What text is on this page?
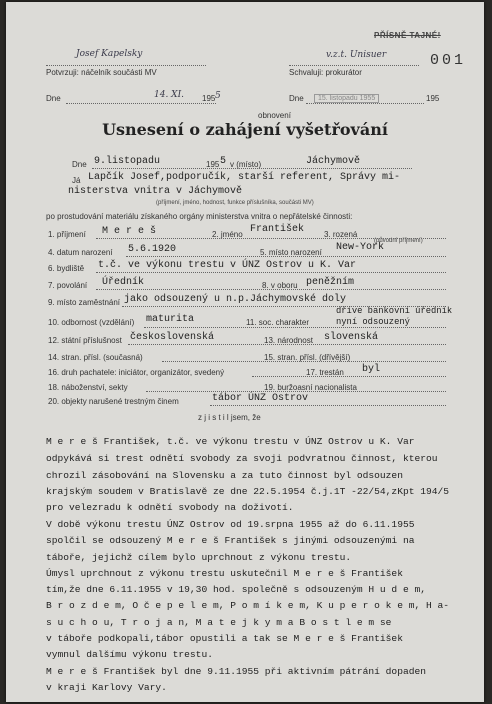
PŘÍSNĚ TAJNÉ!
001
Josef Kapelsky
Potvrzuji: náčelník součásti MV
v.z.t. Unisuer
Schvaluji: prokurátor
Dne	14. XI. 195 5	Dne	15. listopadu 1955	195
obnovení
Usnesení o zahájení vyšetřování
Dne 9.listopadu	195 5 v (místo)	Jáchymově
Já Lapčík Josef,podporučík, starší referent, Správy mi-
nisterstva vnitra v Jáchymově
(příjmení, jméno, hodnost, funkce příslušníka, součásti MV)
po prostudování materiálu získaného orgány ministerstva vnitra o nepřátelské činnosti:
1. příjmení M e r e š	2. jméno František 3. rozená
(původní příjmení)
4. datum narození 5.6.1920	5. místo narození New-York
6. bydliště t.č. ve výkonu trestu v ÚNZ Ostrov u K. Var
7. povolání Úředník	8. v oboru peněžním
9. místo zaměstnání jako odsouzený u n.p.Jáchymovské doly
10. odbornost (vzdělání) maturita	11. soc. charakter
dříve bankovní úředník
nyní odsouzený
12. státní příslušnost československá	13. národnost slovenská
14. stran. přísl. (současná)	15. stran. přísl. (dřívější)
16. druh pachatele: iniciátor, organizátor, svedený	17. trestán byl
18. náboženství, sekty	19. buržoasní nacionalista
20. objekty narušené trestným činem	tábor ÚNZ Ostrov
z j i s t i l jsem, že
M e r e š František, t.č. ve výkonu trestu v ÚNZ Ostrov u K. Var
odpykává si trest odnětí svobody za svoji podvratnou činnost, kterou
chrozil zásobování na Slovensku a za tuto činnost byl odsouzen
krajským soudem v Bratislavě ze dne 22.5.1954 č.j.1T -22/54,zKpt 194/5
pro velezradu k odnětí svobody na doživotí.
V době výkonu trestu ÚNZ Ostrov od 19.srpna 1955 až do 6.11.1955
spolčil se odsouzený M e r e š František s jinými odsouzenými na
táboře, jejichž cílem bylo uprchnout z výkonu trestu.
Úmysl uprchnout z výkonu trestu uskutečnil M e r e š František
tím,že dne 6.11.1955 v 19,30 hod. společně s odsouzeným H u d e m,
B r o z d e m, O č e p e l e m, P o m í k e m, K u p e r o k e m, H a-
s u c h o u, T r o j a n, M a t e j k y m a B o s t l e m se
v táboře podkopali,tábor opustili a tak se M e r e š František
vymnul dalšímu výkonu trestu.
M e r e š František byl dne 9.11.1955 při aktivním pátrání dopaden
v kraji Karlovy Vary.
